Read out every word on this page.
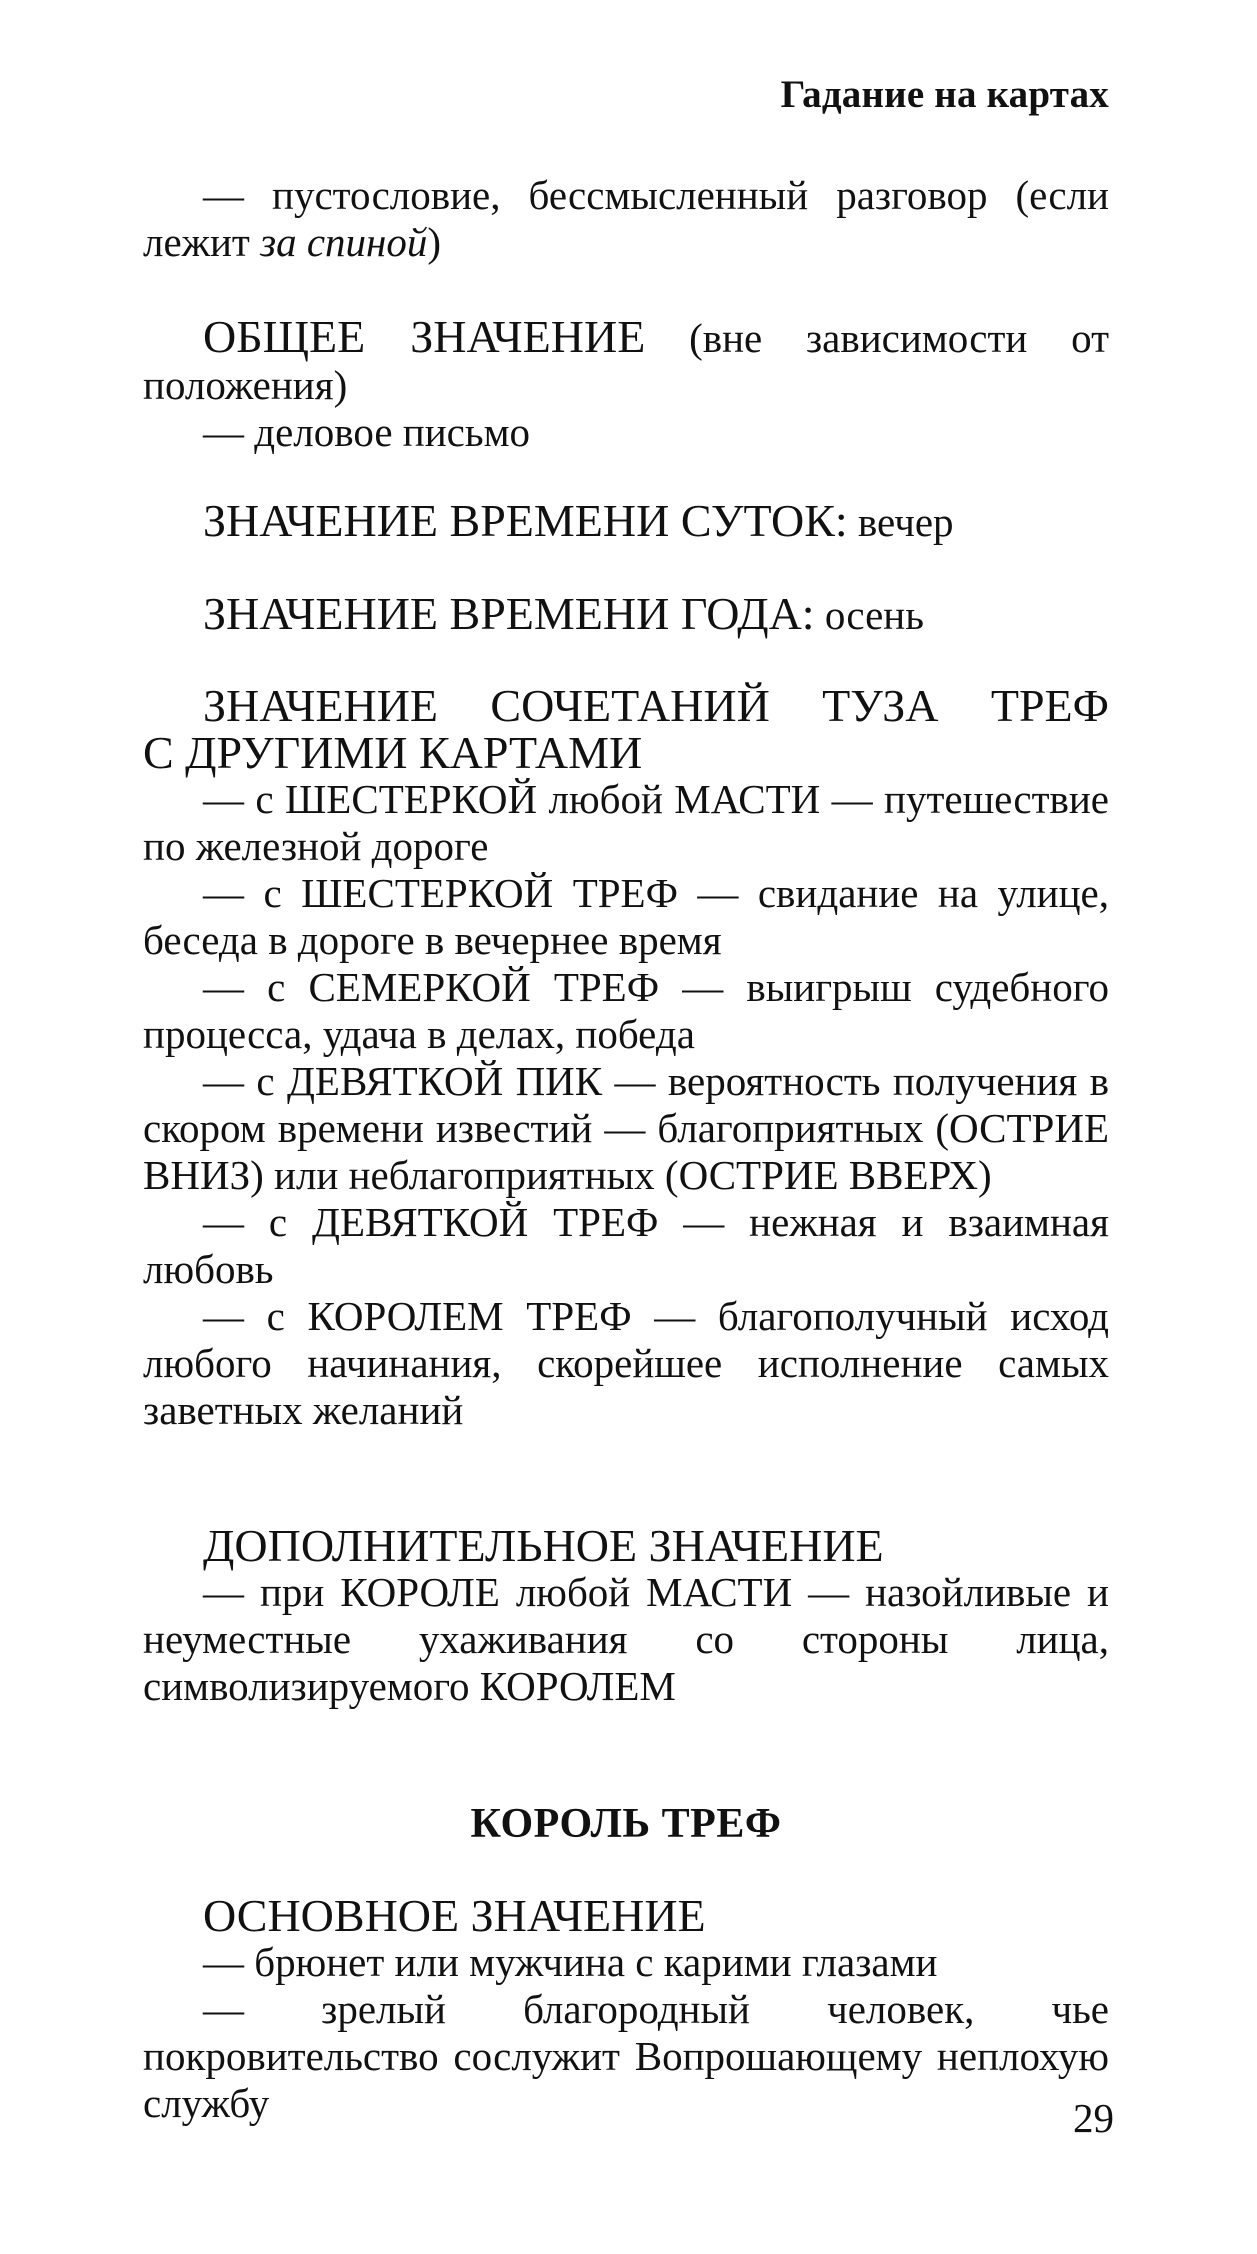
Гадание на картах
— пустословие, бессмысленный разговор (если лежит за спиной)
ОБЩЕЕ ЗНАЧЕНИЕ (вне зависимости от положения)
— деловое письмо
ЗНАЧЕНИЕ ВРЕМЕНИ СУТОК: вечер
ЗНАЧЕНИЕ ВРЕМЕНИ ГОДА: осень
ЗНАЧЕНИЕ СОЧЕТАНИЙ ТУЗА ТРЕФ
С ДРУГИМИ КАРТАМИ
— с ШЕСТЕРКОЙ любой МАСТИ — путешествие по железной дороге
— с ШЕСТЕРКОЙ ТРЕФ — свидание на улице, беседа в дороге в вечернее время
— с СЕМЕРКОЙ ТРЕФ — выигрыш судебного процесса, удача в делах, победа
— с ДЕВЯТКОЙ ПИК — вероятность получения в скором времени известий — благоприятных (ОСТРИЕ ВНИЗ) или неблагоприятных (ОСТРИЕ ВВЕРХ)
— с ДЕВЯТКОЙ ТРЕФ — нежная и взаимная любовь
— с КОРОЛЕМ ТРЕФ — благополучный исход любого начинания, скорейшее исполнение самых заветных желаний
ДОПОЛНИТЕЛЬНОЕ ЗНАЧЕНИЕ
— при КОРОЛЕ любой МАСТИ — назойливые и неуместные ухаживания со стороны лица, символизируемого КОРОЛЕМ
КОРОЛЬ ТРЕФ
ОСНОВНОЕ ЗНАЧЕНИЕ
— брюнет или мужчина с карими глазами
— зрелый благородный человек, чье покровительство сослужит Вопрошающему неплохую службу	29
